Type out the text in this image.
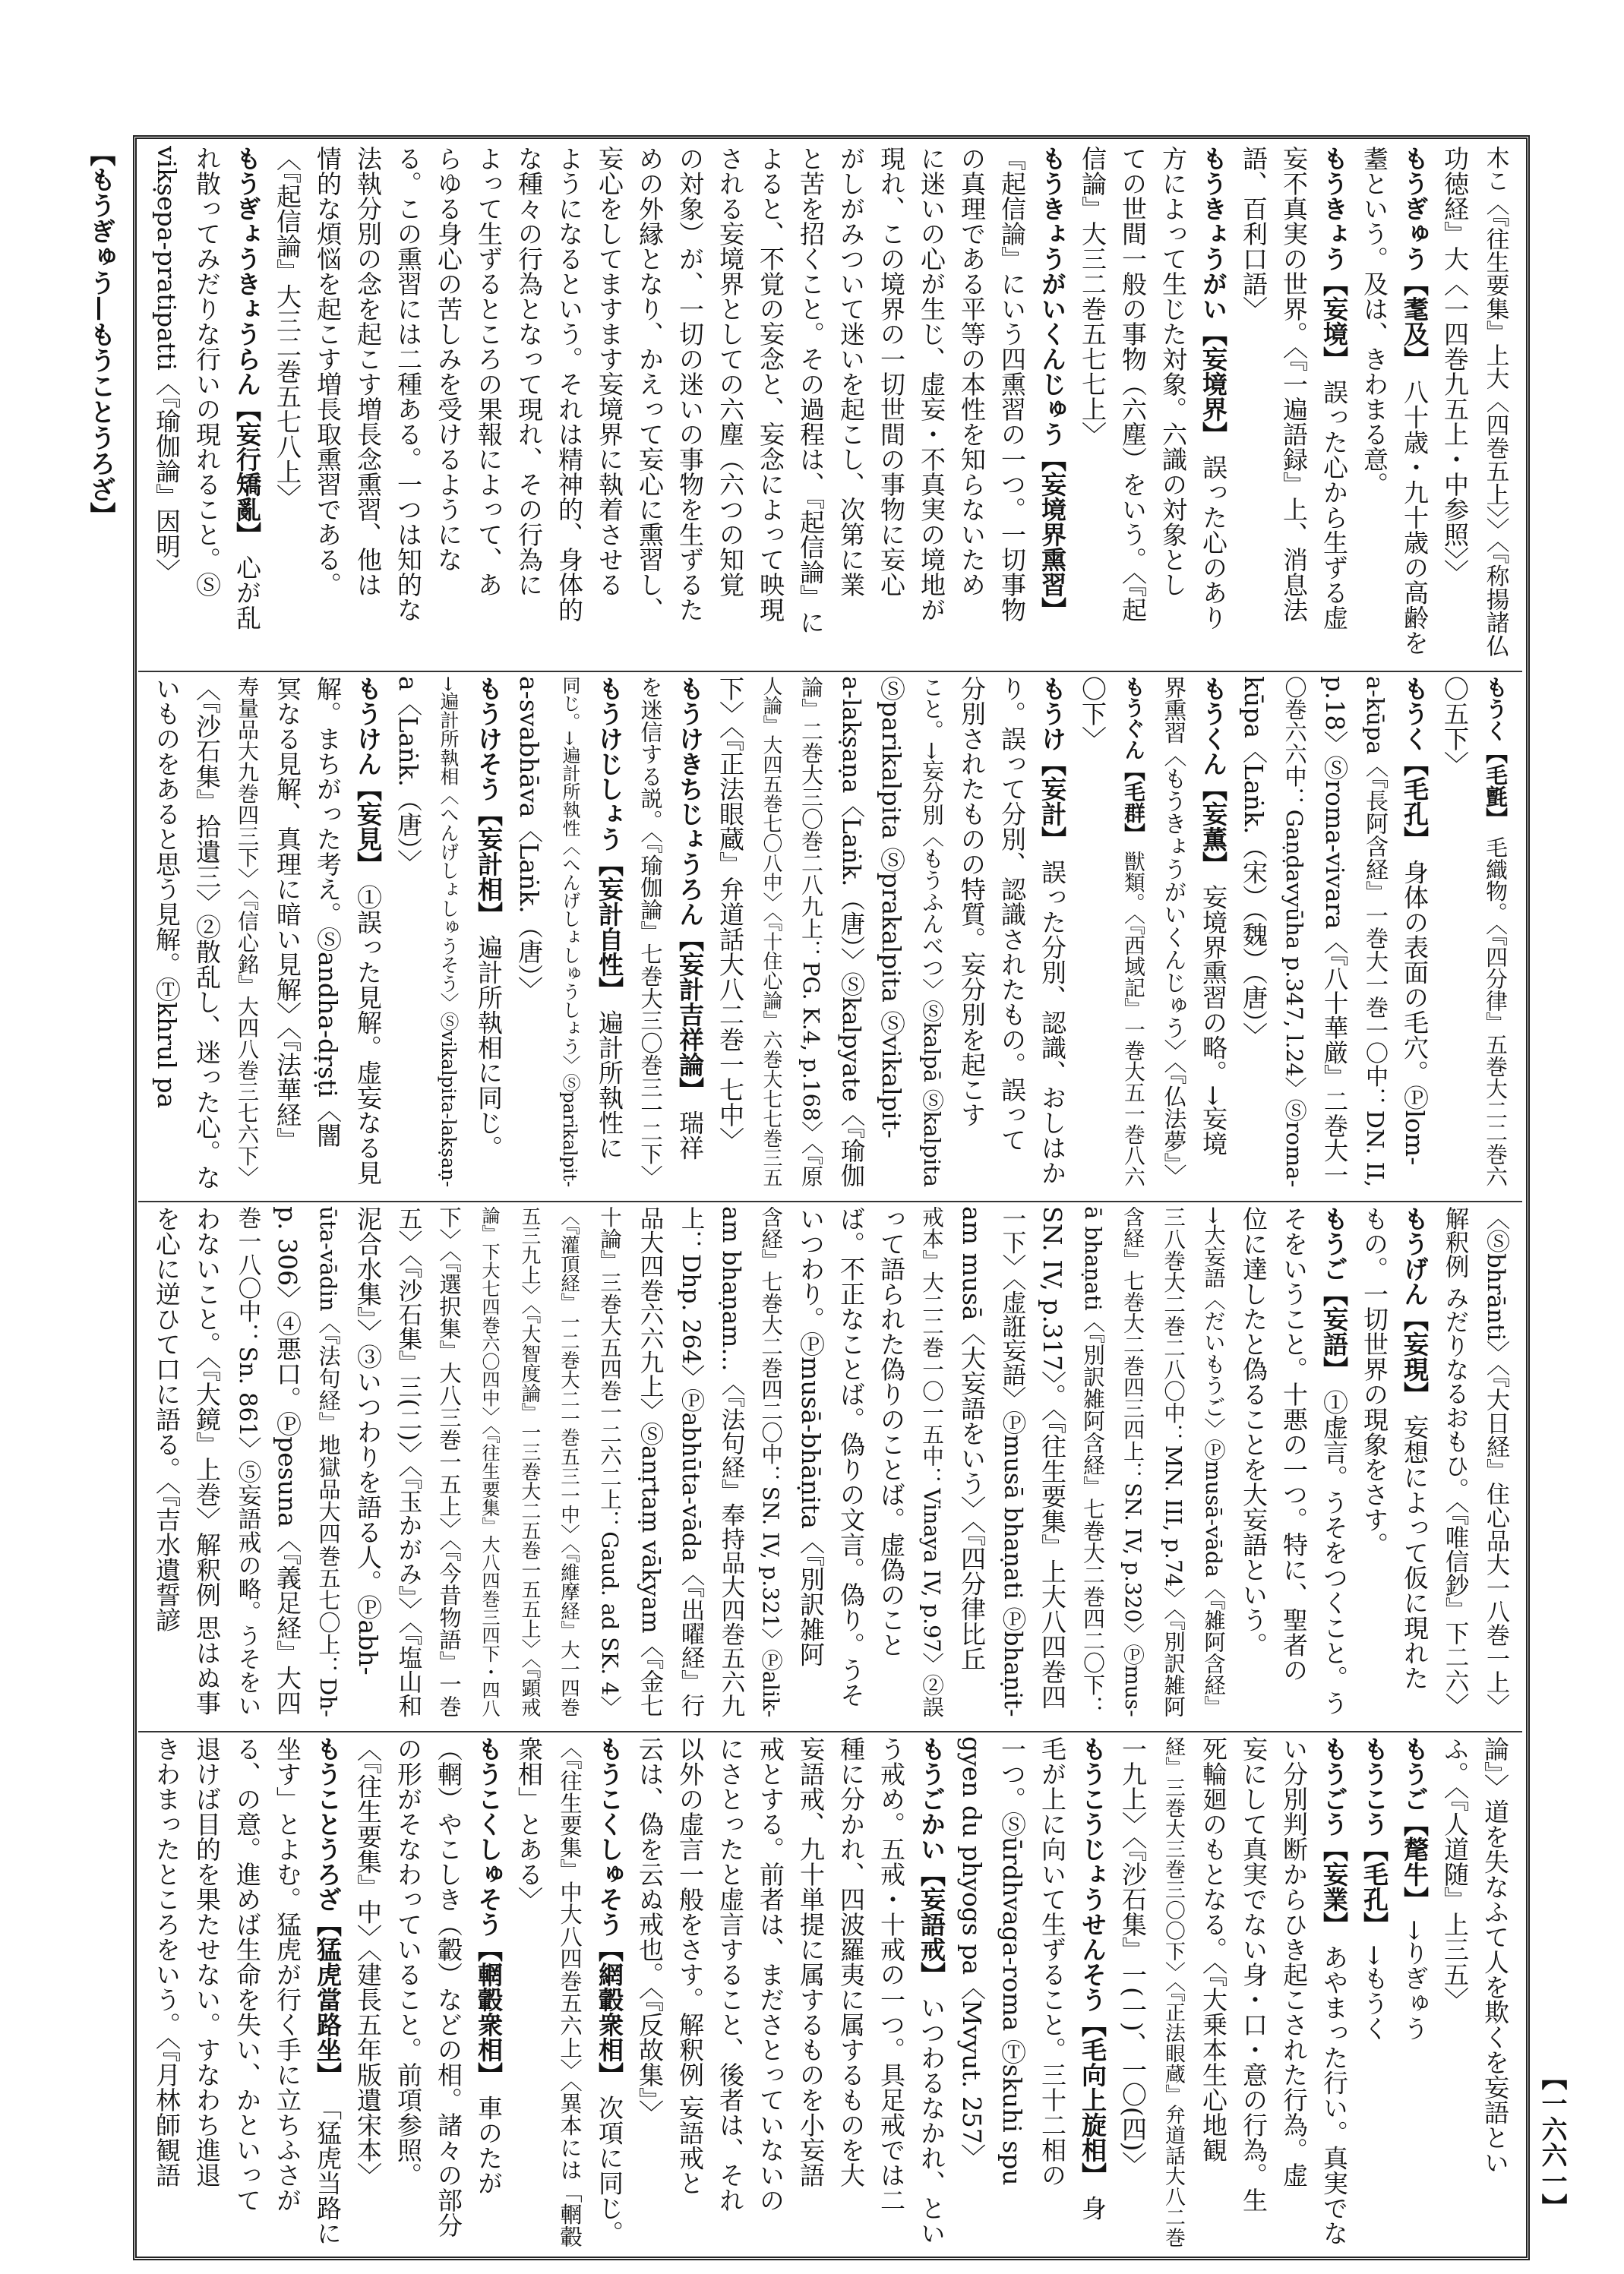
【もうぎゅう—もうことうろざ】	木こ〈『往生要集』上大〈四巻五上〉〉〈『称揚諸仏
功徳経』大〈一四巻九五上・中参照〉〉
もうぎゅう【耄及】 八十歳・九十歳の高齢を
耋という。及は、きわまる意。
もうきょう【妄境】 誤った心から生ずる虚
妄不真実の世界。〈『一遍語録』上、消息法
語、百利口語〉
もうきょうがい【妄境界】 誤った心のあり
方によって生じた対象。六識の対象とし
ての世間一般の事物（六塵）をいう。〈『起
信論』大三二巻五七七上〉
もうきょうがいくんじゅう【妄境界熏習】
『起信論』にいう四熏習の一つ。一切事物
の真理である平等の本性を知らないため
に迷いの心が生じ、虚妄・不真実の境地が
現れ、この境界の一切世間の事物に妄心
がしがみついて迷いを起こし、次第に業
と苦を招くこと。その過程は、『起信論』に
よると、不覚の妄念と、妄念によって映現
される妄境界としての六塵（六つの知覚
の対象）が、一切の迷いの事物を生ずるた
めの外縁となり、かえって妄心に熏習し、
妄心をしてますます妄境界に執着させる
ようになるという。それは精神的、身体的
な種々の行為となって現れ、その行為に
よって生ずるところの果報によって、あ
らゆる身心の苦しみを受けるようにな
る。この熏習には二種ある。一つは知的な
法執分別の念を起こす増長念熏習、他は
情的な煩悩を起こす増長取熏習である。
〈『起信論』大三二巻五七八上〉
もうぎょうきょうらん【妄行矯亂】 心が乱
れ散ってみだりな行いの現れること。Ⓢ
vikṣepa-pratipatti〈『瑜伽論』因明〉
もうく【毛氈】 毛織物。〈『四分律』五巻大二二巻六
〇五下〉
もうく【毛孔】 身体の表面の毛穴。Ⓟlom-
a-kūpa〈『長阿含経』一巻大一巻一〇中：DN. II,
p.18〉Ⓢroma-vivara〈『八十華厳』二巻大一
〇巻六六中：Gaṇḍavyūha p.347, l.24〉Ⓢroma-
kūpa〈Laṅk.（宋）（魏）（唐）〉
もうくん【妄薫】 妄境界熏習の略。→妄境
界熏習〈もうきょうがいくんじゅう〉〈『仏法夢』〉
もうぐん【毛群】 獣類。〈『西域記』一巻大五一巻八六
〇下〉
もうけ【妄計】 誤った分別、認識、おしはか
り。誤って分別、認識されたもの。誤って
分別されたものの特質。妄分別を起こす
こと。→妄分別〈もうふんべつ〉Ⓢkalpā Ⓢkalpita
Ⓢparikalpita Ⓢprakalpita Ⓢvikalpit-
a-lakṣaṇa〈Laṅk.（唐）〉Ⓢkalpyate〈『瑜伽
論』二巻大三〇巻二八九上：PG. K.4, p.168〉〈『原
人論』大四五巻七〇八中〉〈『十住心論』六巻大七七巻三五
下〉〈『正法眼蔵』弁道話大八二巻一七中〉
もうけきちじょうろん【妄計吉祥論】 瑞祥
を迷信する説。〈『瑜伽論』七巻大三〇巻三一二下〉
もうけじしょう【妄計自性】 遍計所執性に
同じ。→遍計所執性〈へんげしょしゅうしょう〉Ⓢparikalpit-
a-svabhāva〈Laṅk.（唐）〉
もうけそう【妄計相】 遍計所執相に同じ。
→遍計所執相〈へんげしょしゅうそう〉Ⓢvikalpita-lakṣaṇ-
a〈Laṅk.（唐）〉
もうけん【妄見】 ①誤った見解。虚妄なる見
解。まちがった考え。Ⓢandha-dṛṣṭi〈闇
冥なる見解、真理に暗い見解〉〈『法華経』
寿量品大九巻四三下〉〈『信心銘』大四八巻三七六下〉
〈『沙石集』拾遺三〉②散乱し、迷った心。な
いものをあると思う見解。Ⓣkhrul pa
〈Ⓢbhrānti〉〈『大日経』住心品大一八巻一上〉
解釈例 みだりなるおもひ。〈『唯信鈔』下二六〉
もうげん【妄現】 妄想によって仮に現れた
もの。一切世界の現象をさす。
もうご【妄語】 ①虚言。うそをつくこと。う
そをいうこと。十悪の一つ。特に、聖者の
位に達したと偽ることを大妄語という。
→大妄語〈だいもうご〉Ⓟmusā-vāda〈『雑阿含経』
三八巻大二巻二八〇中：MN. III, p.74〉〈『別訳雑阿
含経』七巻大二巻四三四上：SN. IV, p.320〉Ⓟmus-
ā bhaṇati〈『別訳雑阿含経』七巻大二巻四二〇下：
SN. IV, p.317〉。〈『往生要集』上大八四巻四
一下〉〈虚誑妄語〉Ⓟmusā bhaṇati Ⓟbhaṇit-
am musā〈大妄語をいう〉〈『四分律比丘
戒本』大二二巻一〇一五中：Vinaya IV, p.97〉②誤
って語られた偽りのことば。虚偽のこと
ば。不正なことば。偽りの文言。偽り。うそ
いつわり。Ⓟmusā-bhāṇita〈『別訳雑阿
含経』七巻大二巻四二〇中：SN. IV, p.321〉Ⓟalik-
am bhaṇam…〈『法句経』奉持品大四巻五六九
上：Dhp. 264〉Ⓟabhūta-vāda〈『出曜経』行
品大四巻六六九上〉Ⓢanṛtaṃ vākyam〈『金七
十論』三巻大五四巻一二六二上：Gaud. ad SK. 4〉
〈『灌頂経』一二巻大二一巻五三一中〉〈『維摩経』大一四巻
五三九上〉〈『大智度論』一三巻大二五巻一五五上〉〈『顕戒
論』下大七四巻六〇四中〉〈『往生要集』大八四巻三四下・四八
下〉〈『選択集』大八三巻一五上〉〈『今昔物語』一巻
五〉〈『沙石集』三(二)〉〈『玉かがみ』〉〈『塩山和
泥合水集』〉③いつわりを語る人。Ⓟabh-
ūta-vādin〈『法句経』地獄品大四巻五七〇上：Dh-
p. 306〉④悪口。Ⓟpesuna〈『義足経』大四
巻一八〇中：Sn. 861〉⑤妄語戒の略。うそをい
わないこと。〈『大鏡』上巻〉解釈例 思はぬ事
を心に逆ひて口に語る。〈『吉水遺誓諺
論』〉道を失なふて人を欺くを妄語とい
ふ。〈『人道随』上三五〉
もうご【氂牛】 →りぎゅう
もうこう【毛孔】 →もうく
もうごう【妄業】 あやまった行い。真実でな
い分別判断からひき起こされた行為。虚
妄にして真実でない身・口・意の行為。生
死輪廻のもとなる。〈『大乗本生心地観
経』三巻大三巻三〇〇下〉〈『正法眼蔵』弁道話大八二巻
一九上〉〈『沙石集』一(一)、一〇(四)〉
もうこうじょうせんそう【毛向上旋相】 身
毛が上に向いて生ずること。三十二相の
一つ。Ⓢūrdhvaga-roma Ⓣskuhi spu
gyen du phyogs pa〈Mvyut. 257〉
もうごかい【妄語戒】 いつわるなかれ、とい
う戒め。五戒・十戒の一つ。具足戒では二
種に分かれ、四波羅夷に属するものを大
妄語戒、九十単提に属するものを小妄語
戒とする。前者は、まださとっていないの
にさとったと虚言すること、後者は、それ
以外の虚言一般をさす。解釈例 妄語戒と
云は、偽を云ぬ戒也。〈『反故集』〉
もうこくしゅそう【網轂衆相】 次項に同じ。
〈『往生要集』中大八四巻五六上〉〈異本には「輞轂
衆相」とある〉
もうこくしゅそう【輞轂衆相】 車のたが
（輞）やこしき（轂）などの相。諸々の部分
の形がそなわっていること。前項参照。
〈『往生要集』中〉〈建長五年版遺宋本〉
もうことうろざ【猛虎當路坐】 「猛虎当路に
坐す」とよむ。猛虎が行く手に立ちふさが
る、の意。進めば生命を失い、かといって
退けば目的を果たせない。すなわち進退
きわまったところをいう。〈『月林師観語	【一六六一】
